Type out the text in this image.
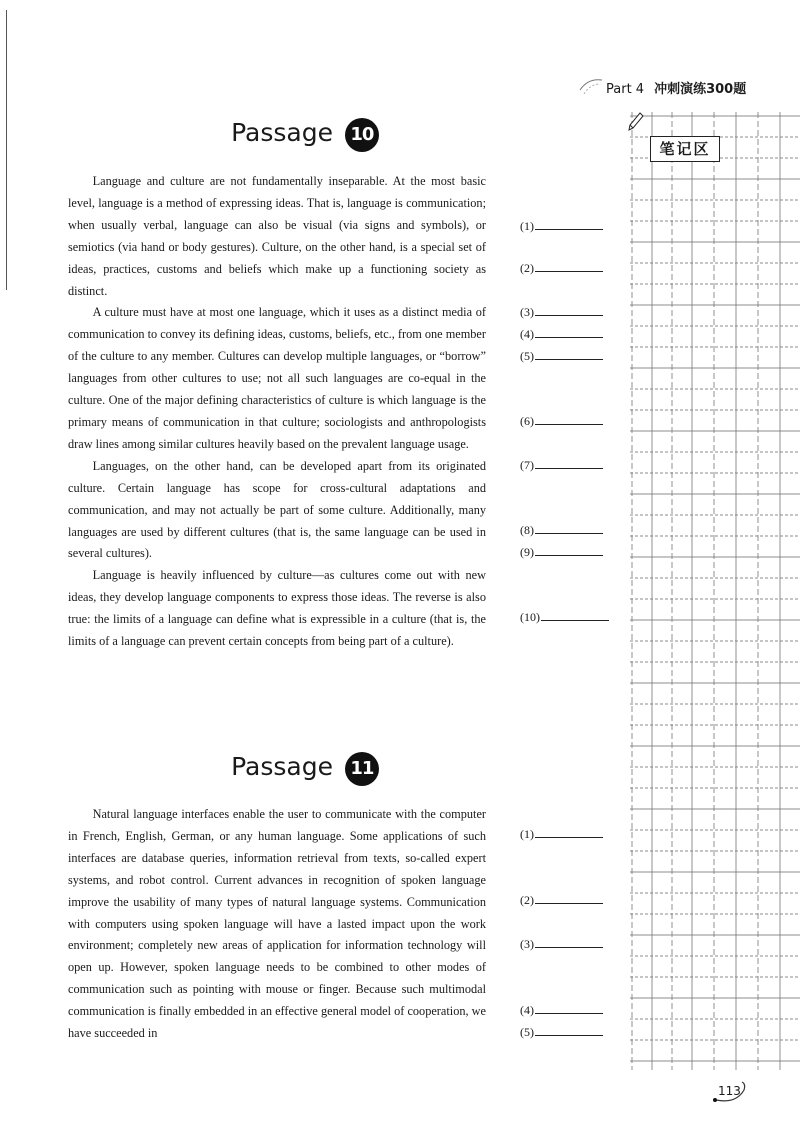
Part 4 冲刺演练300题
Passage 10

Language and culture are not fundamentally inseparable. At the most basic level, language is a method of expressing ideas. That is, language is communication; when usually verbal, language can also be visual (via signs and symbols), or semiotics (via hand or body gestures). Culture, on the other hand, is a special set of ideas, practices, customs and beliefs which make up a functioning society as distinct.

A culture must have at most one language, which it uses as a distinct media of communication to convey its defining ideas, customs, beliefs, etc., from one member of the culture to any member. Cultures can develop multiple languages, or “borrow” languages from other cultures to use; not all such languages are co-equal in the culture. One of the major defining characteristics of culture is which language is the primary means of communication in that culture; sociologists and anthropologists draw lines among similar cultures heavily based on the prevalent language usage.

Languages, on the other hand, can be developed apart from its originated culture. Certain language has scope for cross-cultural adaptations and communication, and may not actually be part of some culture. Additionally, many languages are used by different cultures (that is, the same language can be used in several cultures).

Language is heavily influenced by culture—as cultures come out with new ideas, they develop language components to express those ideas. The reverse is also true: the limits of a language can define what is expressible in a culture (that is, the limits of a language can prevent certain concepts from being part of a culture).

(1)
(2)
(3)
(4)
(5)
(6)
(7)
(8)
(9)
(10)
Passage 11

Natural language interfaces enable the user to communicate with the computer in French, English, German, or any human language. Some applications of such interfaces are database queries, information retrieval from texts, so-called expert systems, and robot control. Current advances in recognition of spoken language improve the usability of many types of natural language systems. Communication with computers using spoken language will have a lasted impact upon the work environment; completely new areas of application for information technology will open up. However, spoken language needs to be combined to other modes of communication such as pointing with mouse or finger. Because such multimodal communication is finally embedded in an effective general model of cooperation, we have succeeded in

(1)
(2)
(3)
(4)
(5)
笔记区
113
